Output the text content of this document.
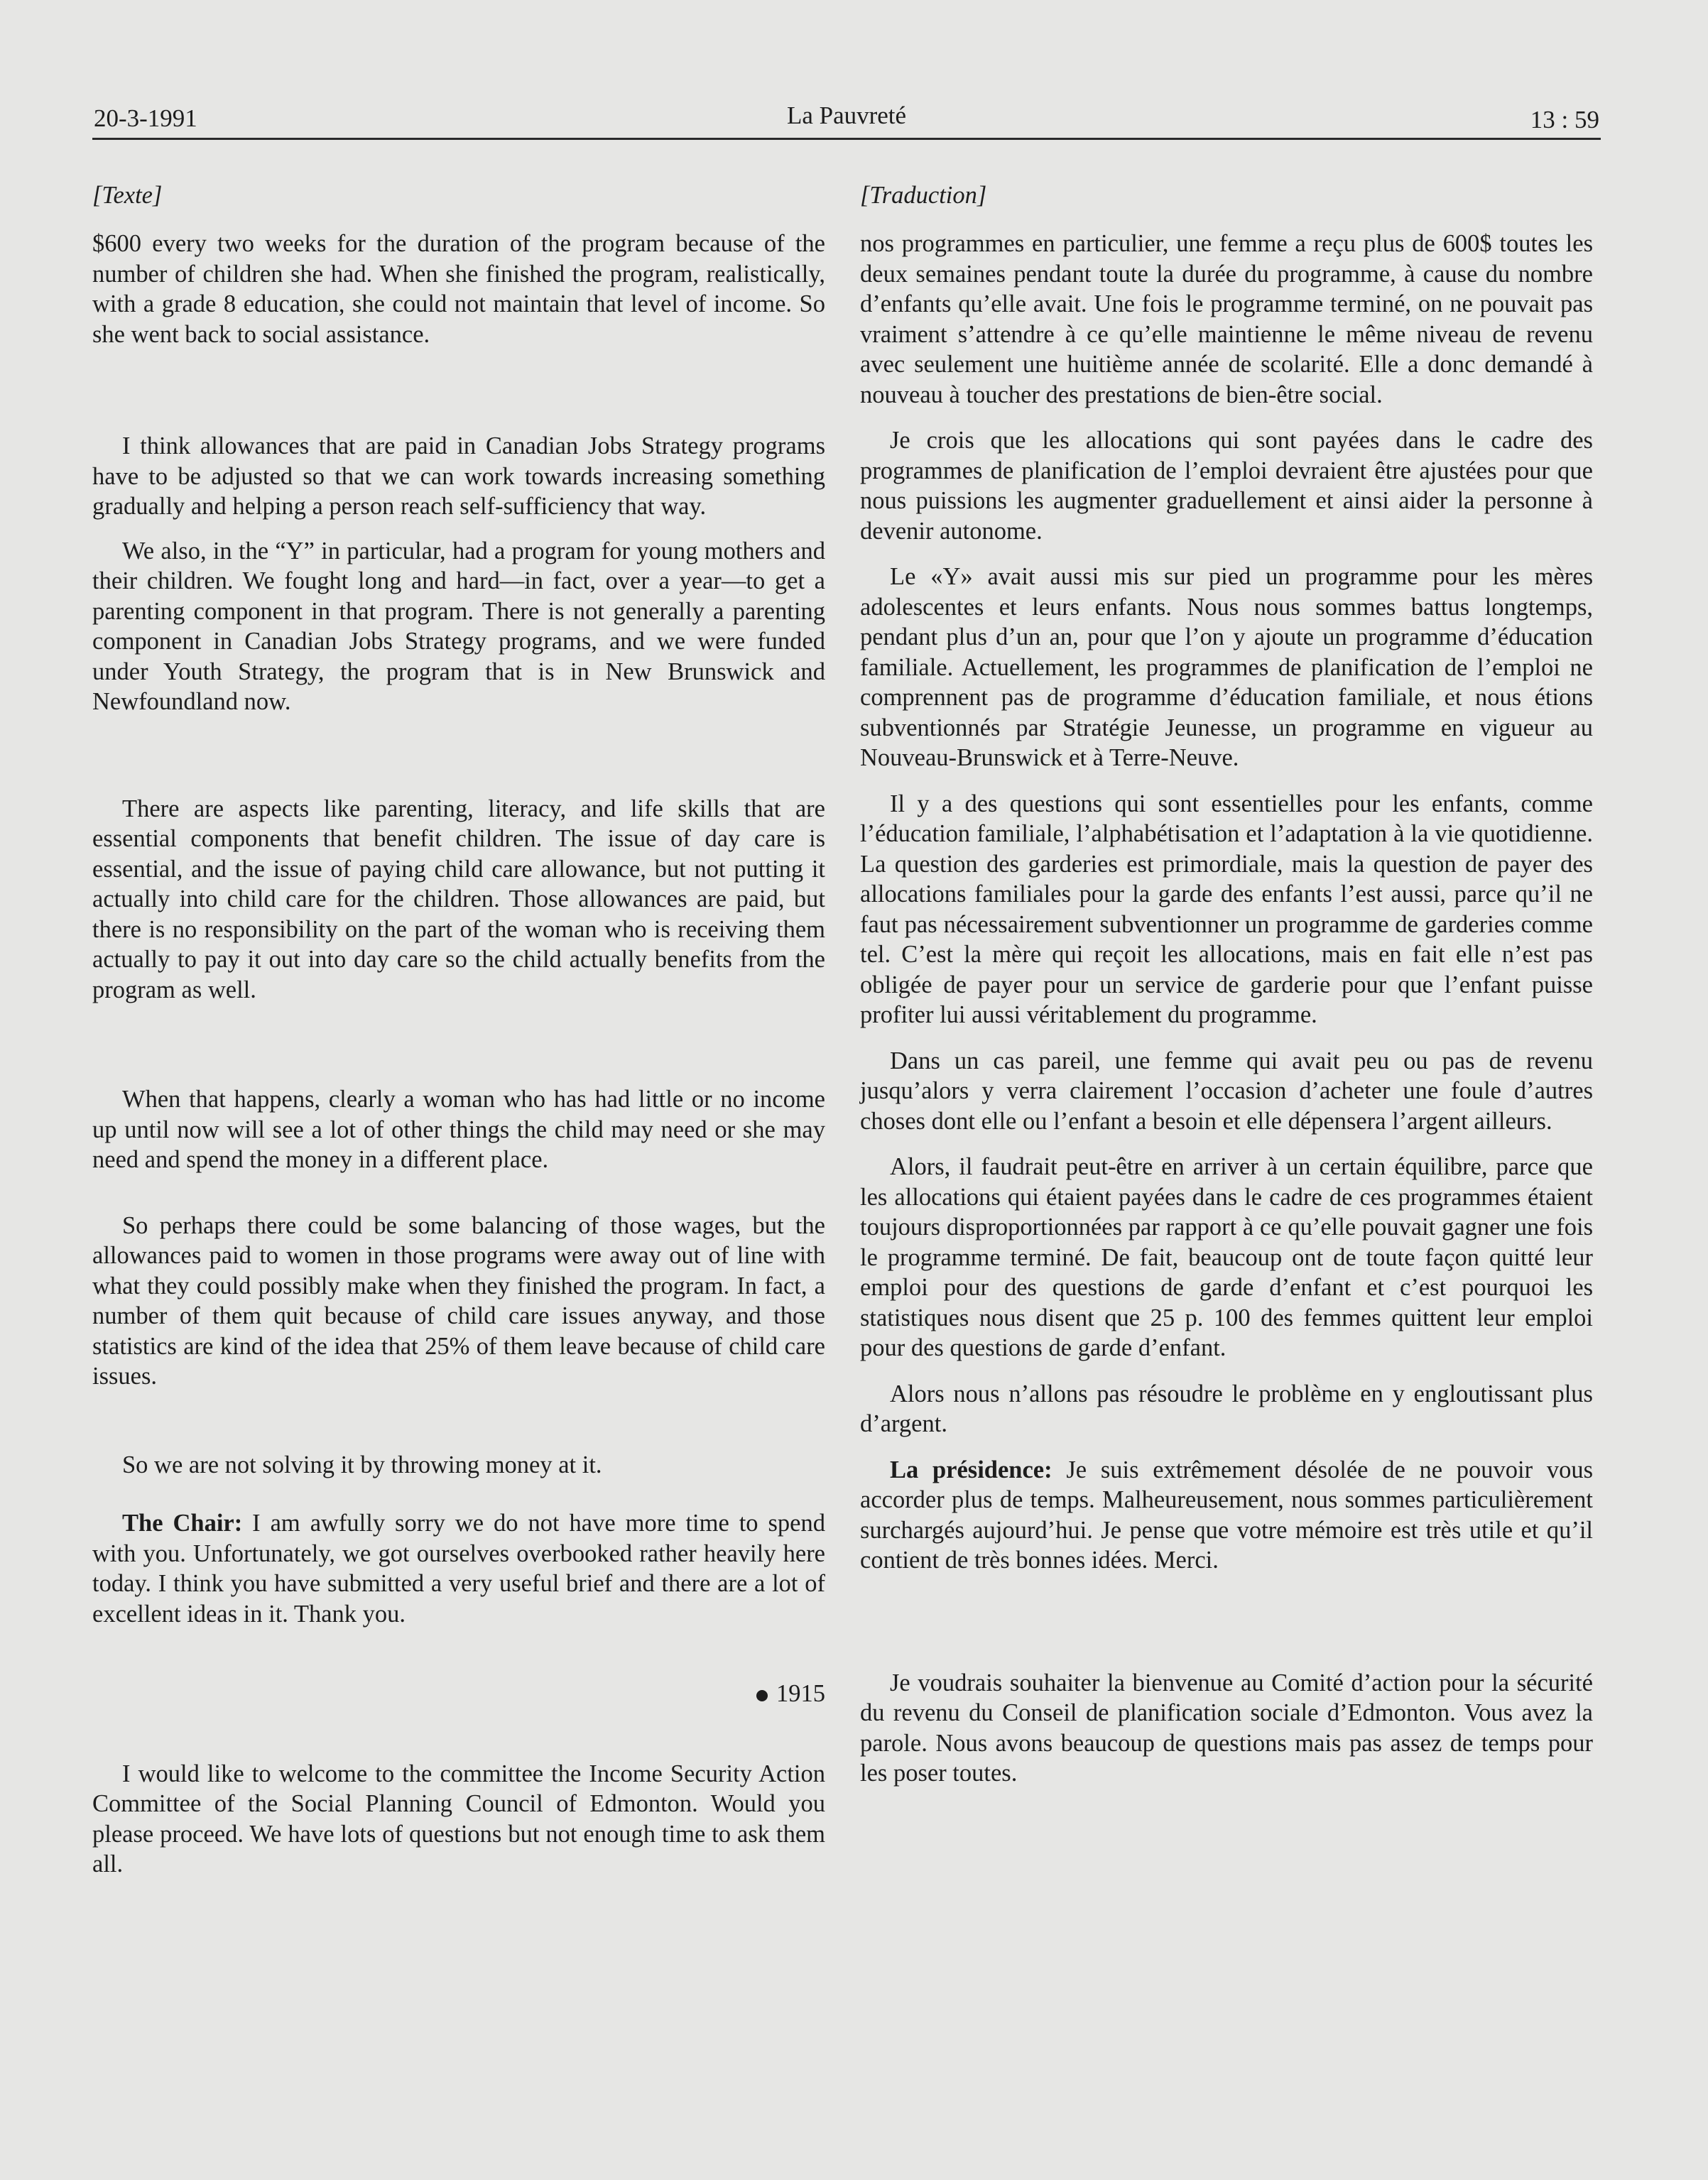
20-3-1991	La Pauvreté	13 : 59

[Texte]

$600 every two weeks for the duration of the program because of the number of children she had. When she finished the program, realistically, with a grade 8 education, she could not maintain that level of income. So she went back to social assistance.

I think allowances that are paid in Canadian Jobs Strategy programs have to be adjusted so that we can work towards increasing something gradually and helping a person reach self-sufficiency that way.

We also, in the “Y” in particular, had a program for young mothers and their children. We fought long and hard—in fact, over a year—to get a parenting component in that program. There is not generally a parenting component in Canadian Jobs Strategy programs, and we were funded under Youth Strategy, the program that is in New Brunswick and Newfoundland now.

There are aspects like parenting, literacy, and life skills that are essential components that benefit children. The issue of day care is essential, and the issue of paying child care allowance, but not putting it actually into child care for the children. Those allowances are paid, but there is no responsibility on the part of the woman who is receiving them actually to pay it out into day care so the child actually benefits from the program as well.

When that happens, clearly a woman who has had little or no income up until now will see a lot of other things the child may need or she may need and spend the money in a different place.

So perhaps there could be some balancing of those wages, but the allowances paid to women in those programs were away out of line with what they could possibly make when they finished the program. In fact, a number of them quit because of child care issues anyway, and those statistics are kind of the idea that 25% of them leave because of child care issues.

So we are not solving it by throwing money at it.

The Chair: I am awfully sorry we do not have more time to spend with you. Unfortunately, we got ourselves overbooked rather heavily here today. I think you have submitted a very useful brief and there are a lot of excellent ideas in it. Thank you.

1915

I would like to welcome to the committee the Income Security Action Committee of the Social Planning Council of Edmonton. Would you please proceed. We have lots of questions but not enough time to ask them all.

[Traduction]

nos programmes en particulier, une femme a reçu plus de 600$ toutes les deux semaines pendant toute la durée du programme, à cause du nombre d’enfants qu’elle avait. Une fois le programme terminé, on ne pouvait pas vraiment s’attendre à ce qu’elle maintienne le même niveau de revenu avec seulement une huitième année de scolarité. Elle a donc demandé à nouveau à toucher des prestations de bien-être social.

Je crois que les allocations qui sont payées dans le cadre des programmes de planification de l’emploi devraient être ajustées pour que nous puissions les augmenter graduellement et ainsi aider la personne à devenir autonome.

Le «Y» avait aussi mis sur pied un programme pour les mères adolescentes et leurs enfants. Nous nous sommes battus longtemps, pendant plus d’un an, pour que l’on y ajoute un programme d’éducation familiale. Actuellement, les programmes de planification de l’emploi ne comprennent pas de programme d’éducation familiale, et nous étions subventionnés par Stratégie Jeunesse, un programme en vigueur au Nouveau-Brunswick et à Terre-Neuve.

Il y a des questions qui sont essentielles pour les enfants, comme l’éducation familiale, l’alphabétisation et l’adaptation à la vie quotidienne. La question des garderies est primordiale, mais la question de payer des allocations familiales pour la garde des enfants l’est aussi, parce qu’il ne faut pas nécessairement subventionner un programme de garderies comme tel. C’est la mère qui reçoit les allocations, mais en fait elle n’est pas obligée de payer pour un service de garderie pour que l’enfant puisse profiter lui aussi véritablement du programme.

Dans un cas pareil, une femme qui avait peu ou pas de revenu jusqu’alors y verra clairement l’occasion d’acheter une foule d’autres choses dont elle ou l’enfant a besoin et elle dépensera l’argent ailleurs.

Alors, il faudrait peut-être en arriver à un certain équilibre, parce que les allocations qui étaient payées dans le cadre de ces programmes étaient toujours disproportionnées par rapport à ce qu’elle pouvait gagner une fois le programme terminé. De fait, beaucoup ont de toute façon quitté leur emploi pour des questions de garde d’enfant et c’est pourquoi les statistiques nous disent que 25 p. 100 des femmes quittent leur emploi pour des questions de garde d’enfant.

Alors nous n’allons pas résoudre le problème en y engloutissant plus d’argent.

La présidence: Je suis extrêmement désolée de ne pouvoir vous accorder plus de temps. Malheureusement, nous sommes particulièrement surchargés aujourd’hui. Je pense que votre mémoire est très utile et qu’il contient de très bonnes idées. Merci.

Je voudrais souhaiter la bienvenue au Comité d’action pour la sécurité du revenu du Conseil de planification sociale d’Edmonton. Vous avez la parole. Nous avons beaucoup de questions mais pas assez de temps pour les poser toutes.
